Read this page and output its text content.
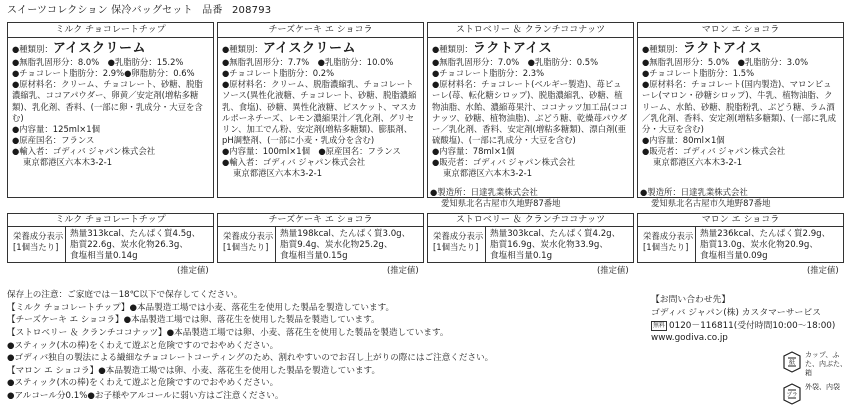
スイーツコレクション 保冷バッグセット 品番 208793
ミルク チョコレートチップ
●種類別：アイスクリーム
●無脂乳固形分：8.0%　●乳脂肪分：15.2%
●チョコレート脂肪分：2.9%●卵脂肪分：0.6%
●原材料名：クリーム、チョコレート、砂糖、脱脂濃縮乳、ココアパウダー、卵黄／安定剤(増粘多糖類)、乳化剤、香料、(一部に卵・乳成分・大豆を含む)
●内容量：125ml×1個
●原産国名：フランス
●輸入者：ゴディバ ジャパン株式会社
東京都港区六本木3-2-1
ミルク チョコレートチップ
栄養成分表示
[1個当たり]
熱量313kcal、たんぱく質4.5g、
脂質22.6g、炭水化物26.3g、
食塩相当量0.14g
(推定値)
チーズケーキ エ ショコラ
●種類別：アイスクリーム
●無脂乳固形分：7.7%　●乳脂肪分：10.0%
●チョコレート脂肪分：0.2%
●原材料名：クリーム、脱脂濃縮乳、チョコレートソース(異性化液糖、チョコレート、砂糖、脱脂濃縮乳、食塩)、砂糖、異性化液糖、ビスケット、マスカルポーネチーズ、レモン濃縮果汁／乳化剤、グリセリン、加工でん粉、安定剤(増粘多糖類)、膨脹剤、pH調整剤、(一部に小麦・乳成分を含む)
●内容量：100ml×1個　●原産国名：フランス
●輸入者：ゴディバ ジャパン株式会社
東京都港区六本木3-2-1
チーズケーキ エ ショコラ
栄養成分表示
[1個当たり]
熱量198kcal、たんぱく質3.0g、
脂質9.4g、炭水化物25.2g、
食塩相当量0.15g
(推定値)
ストロベリー ＆ クランチココナッツ
●種類別：ラクトアイス
●無脂乳固形分：7.0%　●乳脂肪分：0.5%
●チョコレート脂肪分：2.3%
●原材料名：チョコレート(ベルギー製造)、苺ピューレ(苺、転化糖シロップ)、脱脂濃縮乳、砂糖、植物油脂、水飴、濃縮苺果汁、ココナッツ加工品(ココナッツ、砂糖、植物油脂)、ぶどう糖、乾燥苺パウダー／乳化剤、香料、安定剤(増粘多糖類)、漂白剤(亜硫酸塩)、(一部に乳成分・大豆を含む)
●内容量：78ml×1個
●販売者：ゴディバ ジャパン株式会社
東京都港区六本木3-2-1
●製造所：日達乳業株式会社
愛知県北名古屋市久地野87番地
ストロベリー ＆ クランチココナッツ
栄養成分表示
[1個当たり]
熱量303kcal、たんぱく質4.2g、
脂質16.9g、炭水化物33.9g、
食塩相当量0.1g
(推定値)
マロン エ ショコラ
●種類別：ラクトアイス
●無脂乳固形分：5.0%　●乳脂肪分：3.0%
●チョコレート脂肪分：1.5%
●原材料名：チョコレート(国内製造)、マロンピューレ(マロン・砂糖シロップ)、牛乳、植物油脂、クリーム、水飴、砂糖、脱脂粉乳、ぶどう糖、ラム酒／乳化剤、香料、安定剤(増粘多糖類)、(一部に乳成分・大豆を含む)
●内容量：80ml×1個
●販売者：ゴディバ ジャパン株式会社
東京都港区六本木3-2-1
●製造所：日達乳業株式会社
愛知県北名古屋市久地野87番地
マロン エ ショコラ
栄養成分表示
[1個当たり]
熱量236kcal、たんぱく質2.9g、
脂質13.0g、炭水化物20.9g、
食塩相当量0.09g
(推定値)
保存上の注意：ご家庭では－18℃以下で保存してください。
【ミルク チョコレートチップ】●本品製造工場では小麦、落花生を使用した製品を製造しています。
【チーズケーキ エ ショコラ】●本品製造工場では卵、落花生を使用した製品を製造しています。
【ストロベリー ＆ クランチココナッツ】●本品製造工場では卵、小麦、落花生を使用した製品を製造しています。
●スティック(木の棒)をくわえて遊ぶと危険ですのでおやめください。
●ゴディバ独自の製法による繊細なチョコレートコーティングのため、割れやすいのでお召し上がりの際にはご注意ください。
【マロン エ ショコラ】●本品製造工場では卵、小麦、落花生を使用した製品を製造しています。
●スティック(木の棒)をくわえて遊ぶと危険ですのでおやめください。
●アルコール分0.1%●お子様やアルコールに弱い方はご注意ください。
【お問い合わせ先】
ゴディバ ジャパン(株) カスタマーサービス
無料 0120－116811(受付時間10:00～18:00)
www.godiva.co.jp
紙
カップ、ふた、内ぶた、箱
プラ
外袋、内袋
